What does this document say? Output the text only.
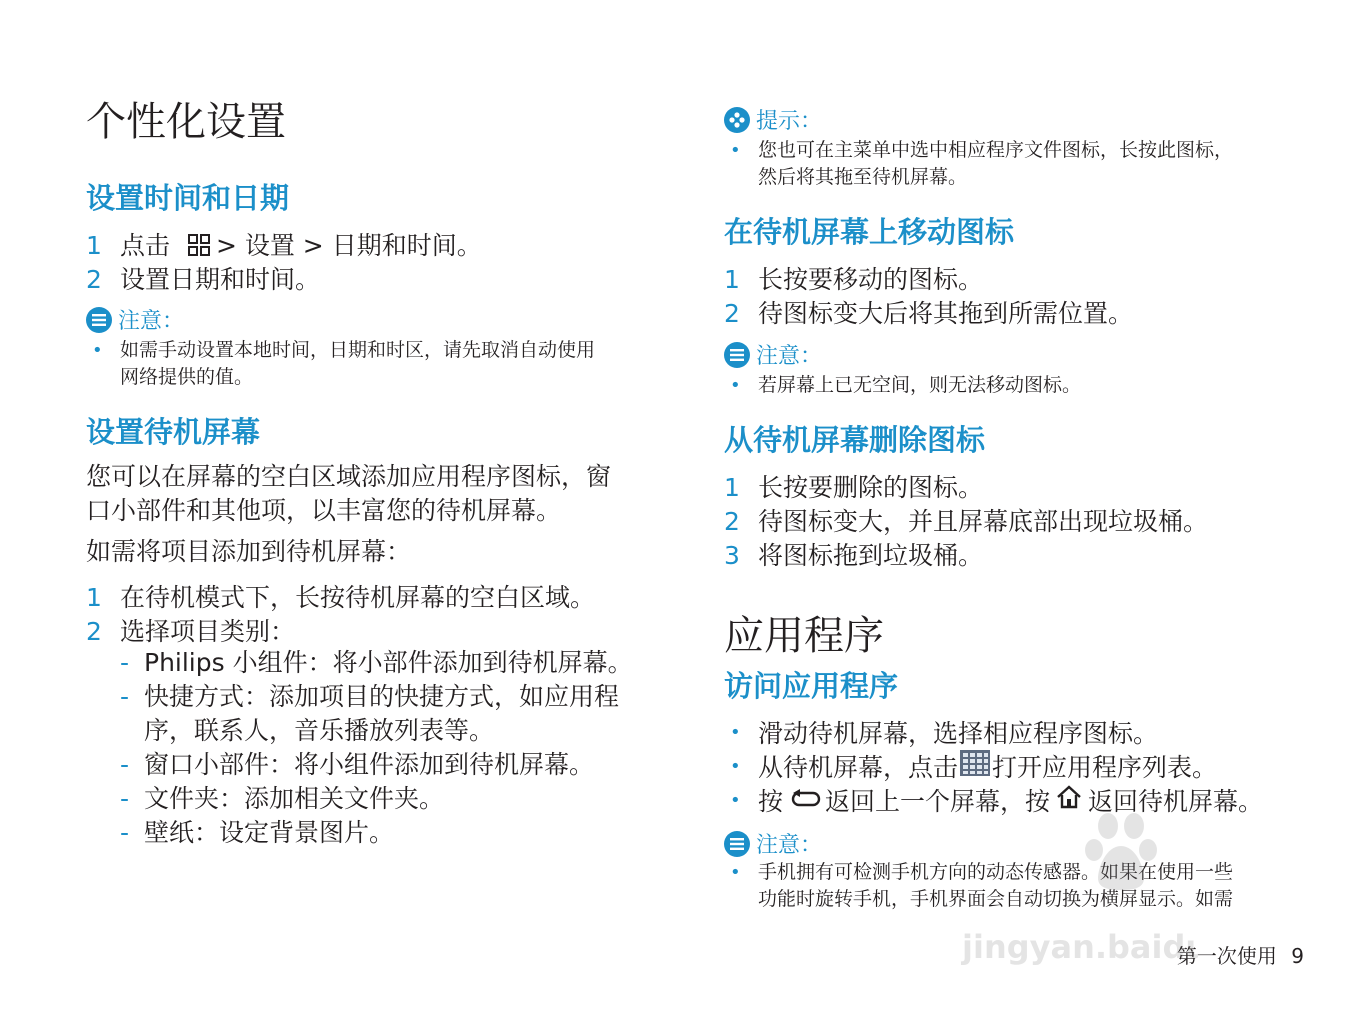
个性化设置
设置时间和日期
1 点击 > 设置 > 日期和时间。
2 设置日期和时间。
注意：
• 如需手动设置本地时间，日期和时区，请先取消自动使用
网络提供的值。
设置待机屏幕

您可以在屏幕的空白区域添加应用程序图标，窗
口小部件和其他项，以丰富您的待机屏幕。

如需将项目添加到待机屏幕：

1 在待机模式下，长按待机屏幕的空白区域。
2 选择项目类别：
- Philips 小组件：将小部件添加到待机屏幕。
- 快捷方式：添加项目的快捷方式，如应用程
序，联系人，音乐播放列表等。
- 窗口小部件：将小组件添加到待机屏幕。
- 文件夹：添加相关文件夹。
- 壁纸：设定背景图片。
提示：
• 您也可在主菜单中选中相应程序文件图标，长按此图标，
然后将其拖至待机屏幕。
在待机屏幕上移动图标
1 长按要移动的图标。
2 待图标变大后将其拖到所需位置。
注意：
• 若屏幕上已无空间，则无法移动图标。
从待机屏幕删除图标
1 长按要删除的图标。
2 待图标变大，并且屏幕底部出现垃圾桶。
3 将图标拖到垃圾桶。
应用程序
访问应用程序
• 滑动待机屏幕，选择相应程序图标。
• 从待机屏幕，点击 打开应用程序列表。
• 按 返回上一个屏幕，按 返回待机屏幕。
注意：
• 手机拥有可检测手机方向的动态传感器。如果在使用一些
功能时旋转手机，手机界面会自动切换为横屏显示。如需
jingyan.baidu
第一次使用 9
